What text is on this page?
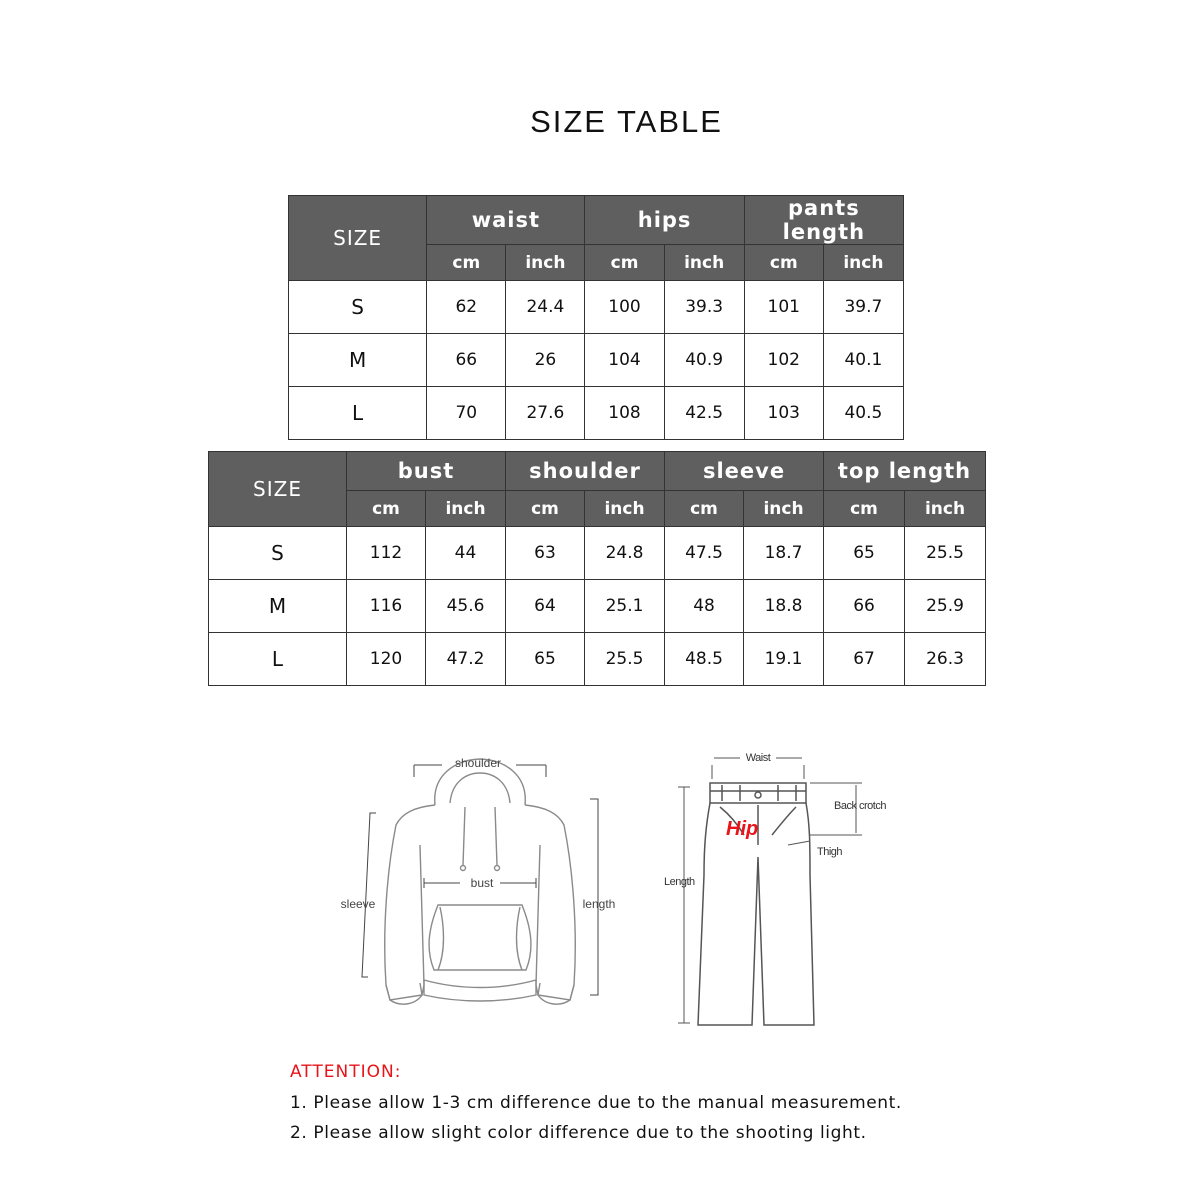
SIZE TABLE
SIZE	waist		hips		pants length	
	cm	inch	cm	inch	cm	inch
S	62	24.4	100	39.3	101	39.7
M	66	26	104	40.9	102	40.1
L	70	27.6	108	42.5	103	40.5
SIZE	bust		shoulder		sleeve		top length	
	cm	inch	cm	inch	cm	inch	cm	inch
S	112	44	63	24.8	47.5	18.7	65	25.5
M	116	45.6	64	25.1	48	18.8	66	25.9
L	120	47.2	65	25.5	48.5	19.1	67	26.3
shoulder
bust
sleeve	length
Waist
Back crotch
Hip
Thigh
Length
ATTENTION:
1. Please allow 1-3 cm difference due to the manual measurement.
2. Please allow slight color difference due to the shooting light.
